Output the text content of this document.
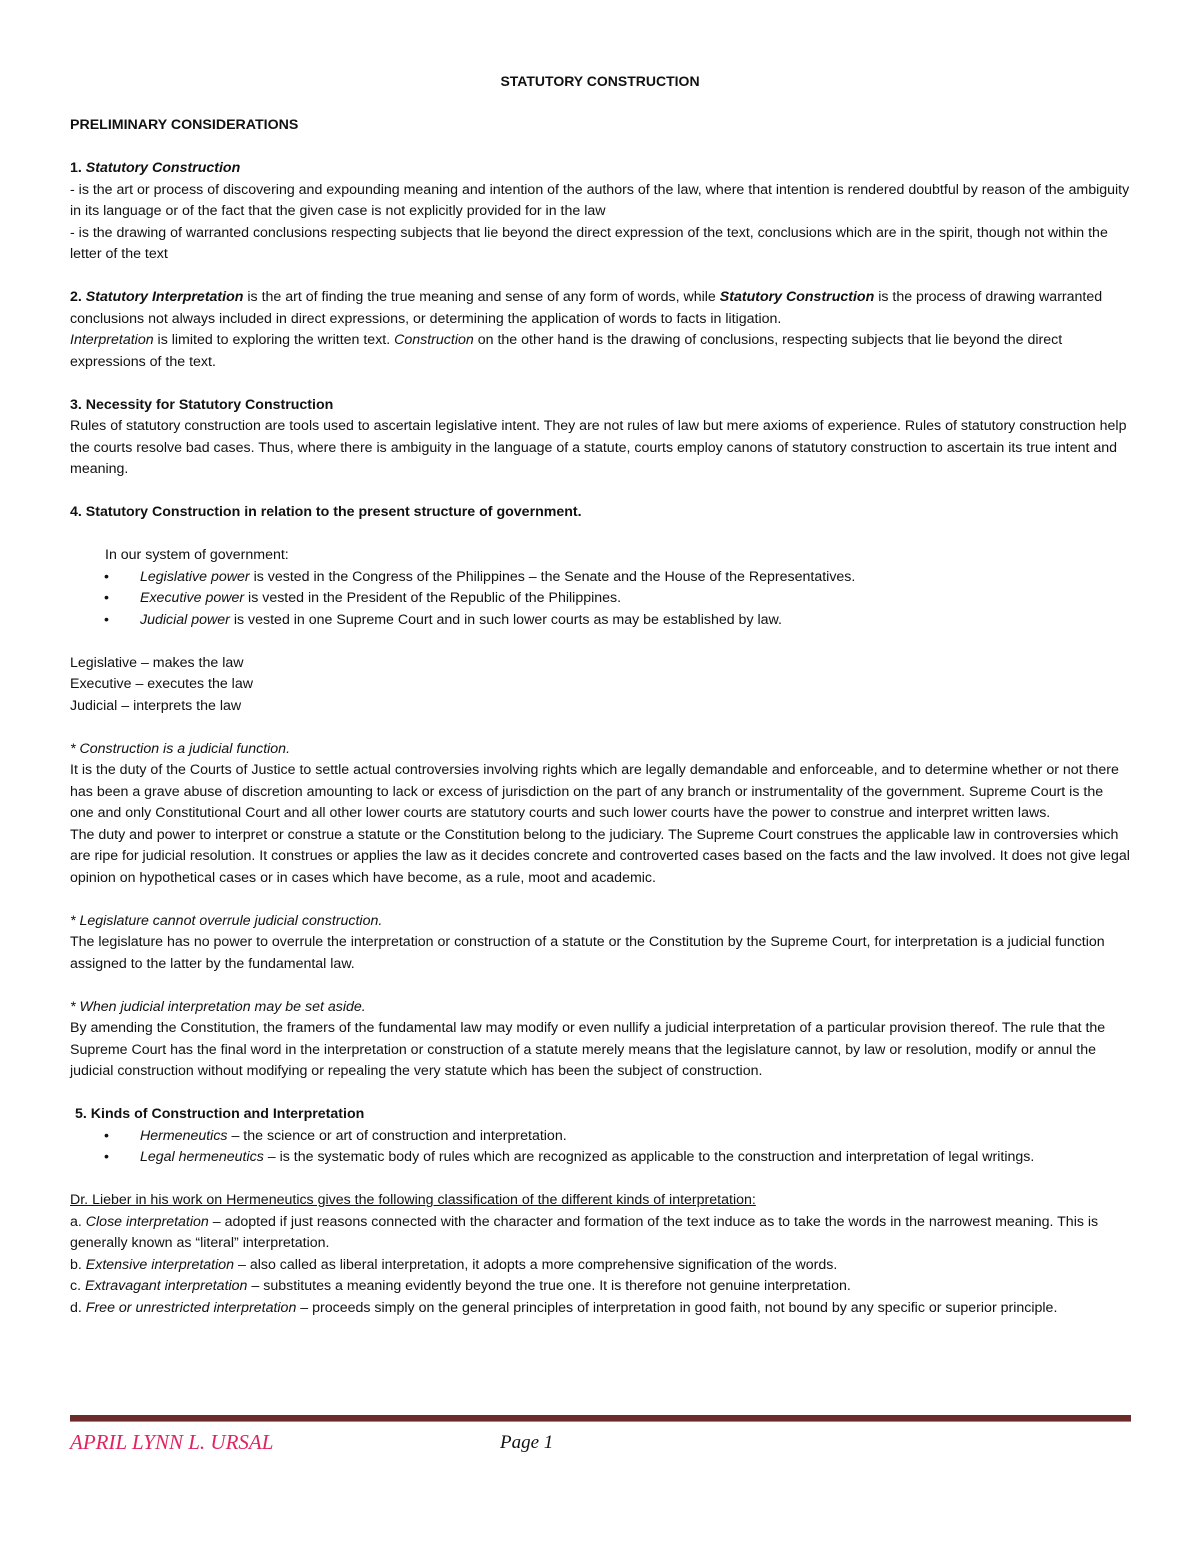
STATUTORY CONSTRUCTION

PRELIMINARY CONSIDERATIONS

1. Statutory Construction

- is the art or process of discovering and expounding meaning and intention of the authors of the law, where that intention is rendered doubtful by reason of the ambiguity in its language or of the fact that the given case is not explicitly provided for in the law

- is the drawing of warranted conclusions respecting subjects that lie beyond the direct expression of the text, conclusions which are in the spirit, though not within the letter of the text

2. Statutory Interpretation is the art of finding the true meaning and sense of any form of words, while Statutory Construction is the process of drawing warranted conclusions not always included in direct expressions, or determining the application of words to facts in litigation.
Interpretation is limited to exploring the written text. Construction on the other hand is the drawing of conclusions, respecting subjects that lie beyond the direct expressions of the text.

3. Necessity for Statutory Construction

Rules of statutory construction are tools used to ascertain legislative intent. They are not rules of law but mere axioms of experience. Rules of statutory construction help the courts resolve bad cases. Thus, where there is ambiguity in the language of a statute, courts employ canons of statutory construction to ascertain its true intent and meaning.

4. Statutory Construction in relation to the present structure of government.

In our system of government:

• Legislative power is vested in the Congress of the Philippines – the Senate and the House of the Representatives.
• Executive power is vested in the President of the Republic of the Philippines.
• Judicial power is vested in one Supreme Court and in such lower courts as may be established by law.

Legislative – makes the law

Executive – executes the law

Judicial – interprets the law

* Construction is a judicial function.

It is the duty of the Courts of Justice to settle actual controversies involving rights which are legally demandable and enforceable, and to determine whether or not there has been a grave abuse of discretion amounting to lack or excess of jurisdiction on the part of any branch or instrumentality of the government. Supreme Court is the one and only Constitutional Court and all other lower courts are statutory courts and such lower courts have the power to construe and interpret written laws.

The duty and power to interpret or construe a statute or the Constitution belong to the judiciary. The Supreme Court construes the applicable law in controversies which are ripe for judicial resolution. It construes or applies the law as it decides concrete and controverted cases based on the facts and the law involved. It does not give legal opinion on hypothetical cases or in cases which have become, as a rule, moot and academic.

* Legislature cannot overrule judicial construction.

The legislature has no power to overrule the interpretation or construction of a statute or the Constitution by the Supreme Court, for interpretation is a judicial function assigned to the latter by the fundamental law.

* When judicial interpretation may be set aside.

By amending the Constitution, the framers of the fundamental law may modify or even nullify a judicial interpretation of a particular provision thereof. The rule that the Supreme Court has the final word in the interpretation or construction of a statute merely means that the legislature cannot, by law or resolution, modify or annul the judicial construction without modifying or repealing the very statute which has been the subject of construction.

5. Kinds of Construction and Interpretation

• Hermeneutics – the science or art of construction and interpretation.
• Legal hermeneutics – is the systematic body of rules which are recognized as applicable to the construction and interpretation of legal writings.

Dr. Lieber in his work on Hermeneutics gives the following classification of the different kinds of interpretation:

a. Close interpretation – adopted if just reasons connected with the character and formation of the text induce as to take the words in the narrowest meaning. This is generally known as “literal” interpretation.

b. Extensive interpretation – also called as liberal interpretation, it adopts a more comprehensive signification of the words.

c. Extravagant interpretation – substitutes a meaning evidently beyond the true one. It is therefore not genuine interpretation.

d. Free or unrestricted interpretation – proceeds simply on the general principles of interpretation in good faith, not bound by any specific or superior principle.

APRIL LYNN L. URSAL	Page 1
